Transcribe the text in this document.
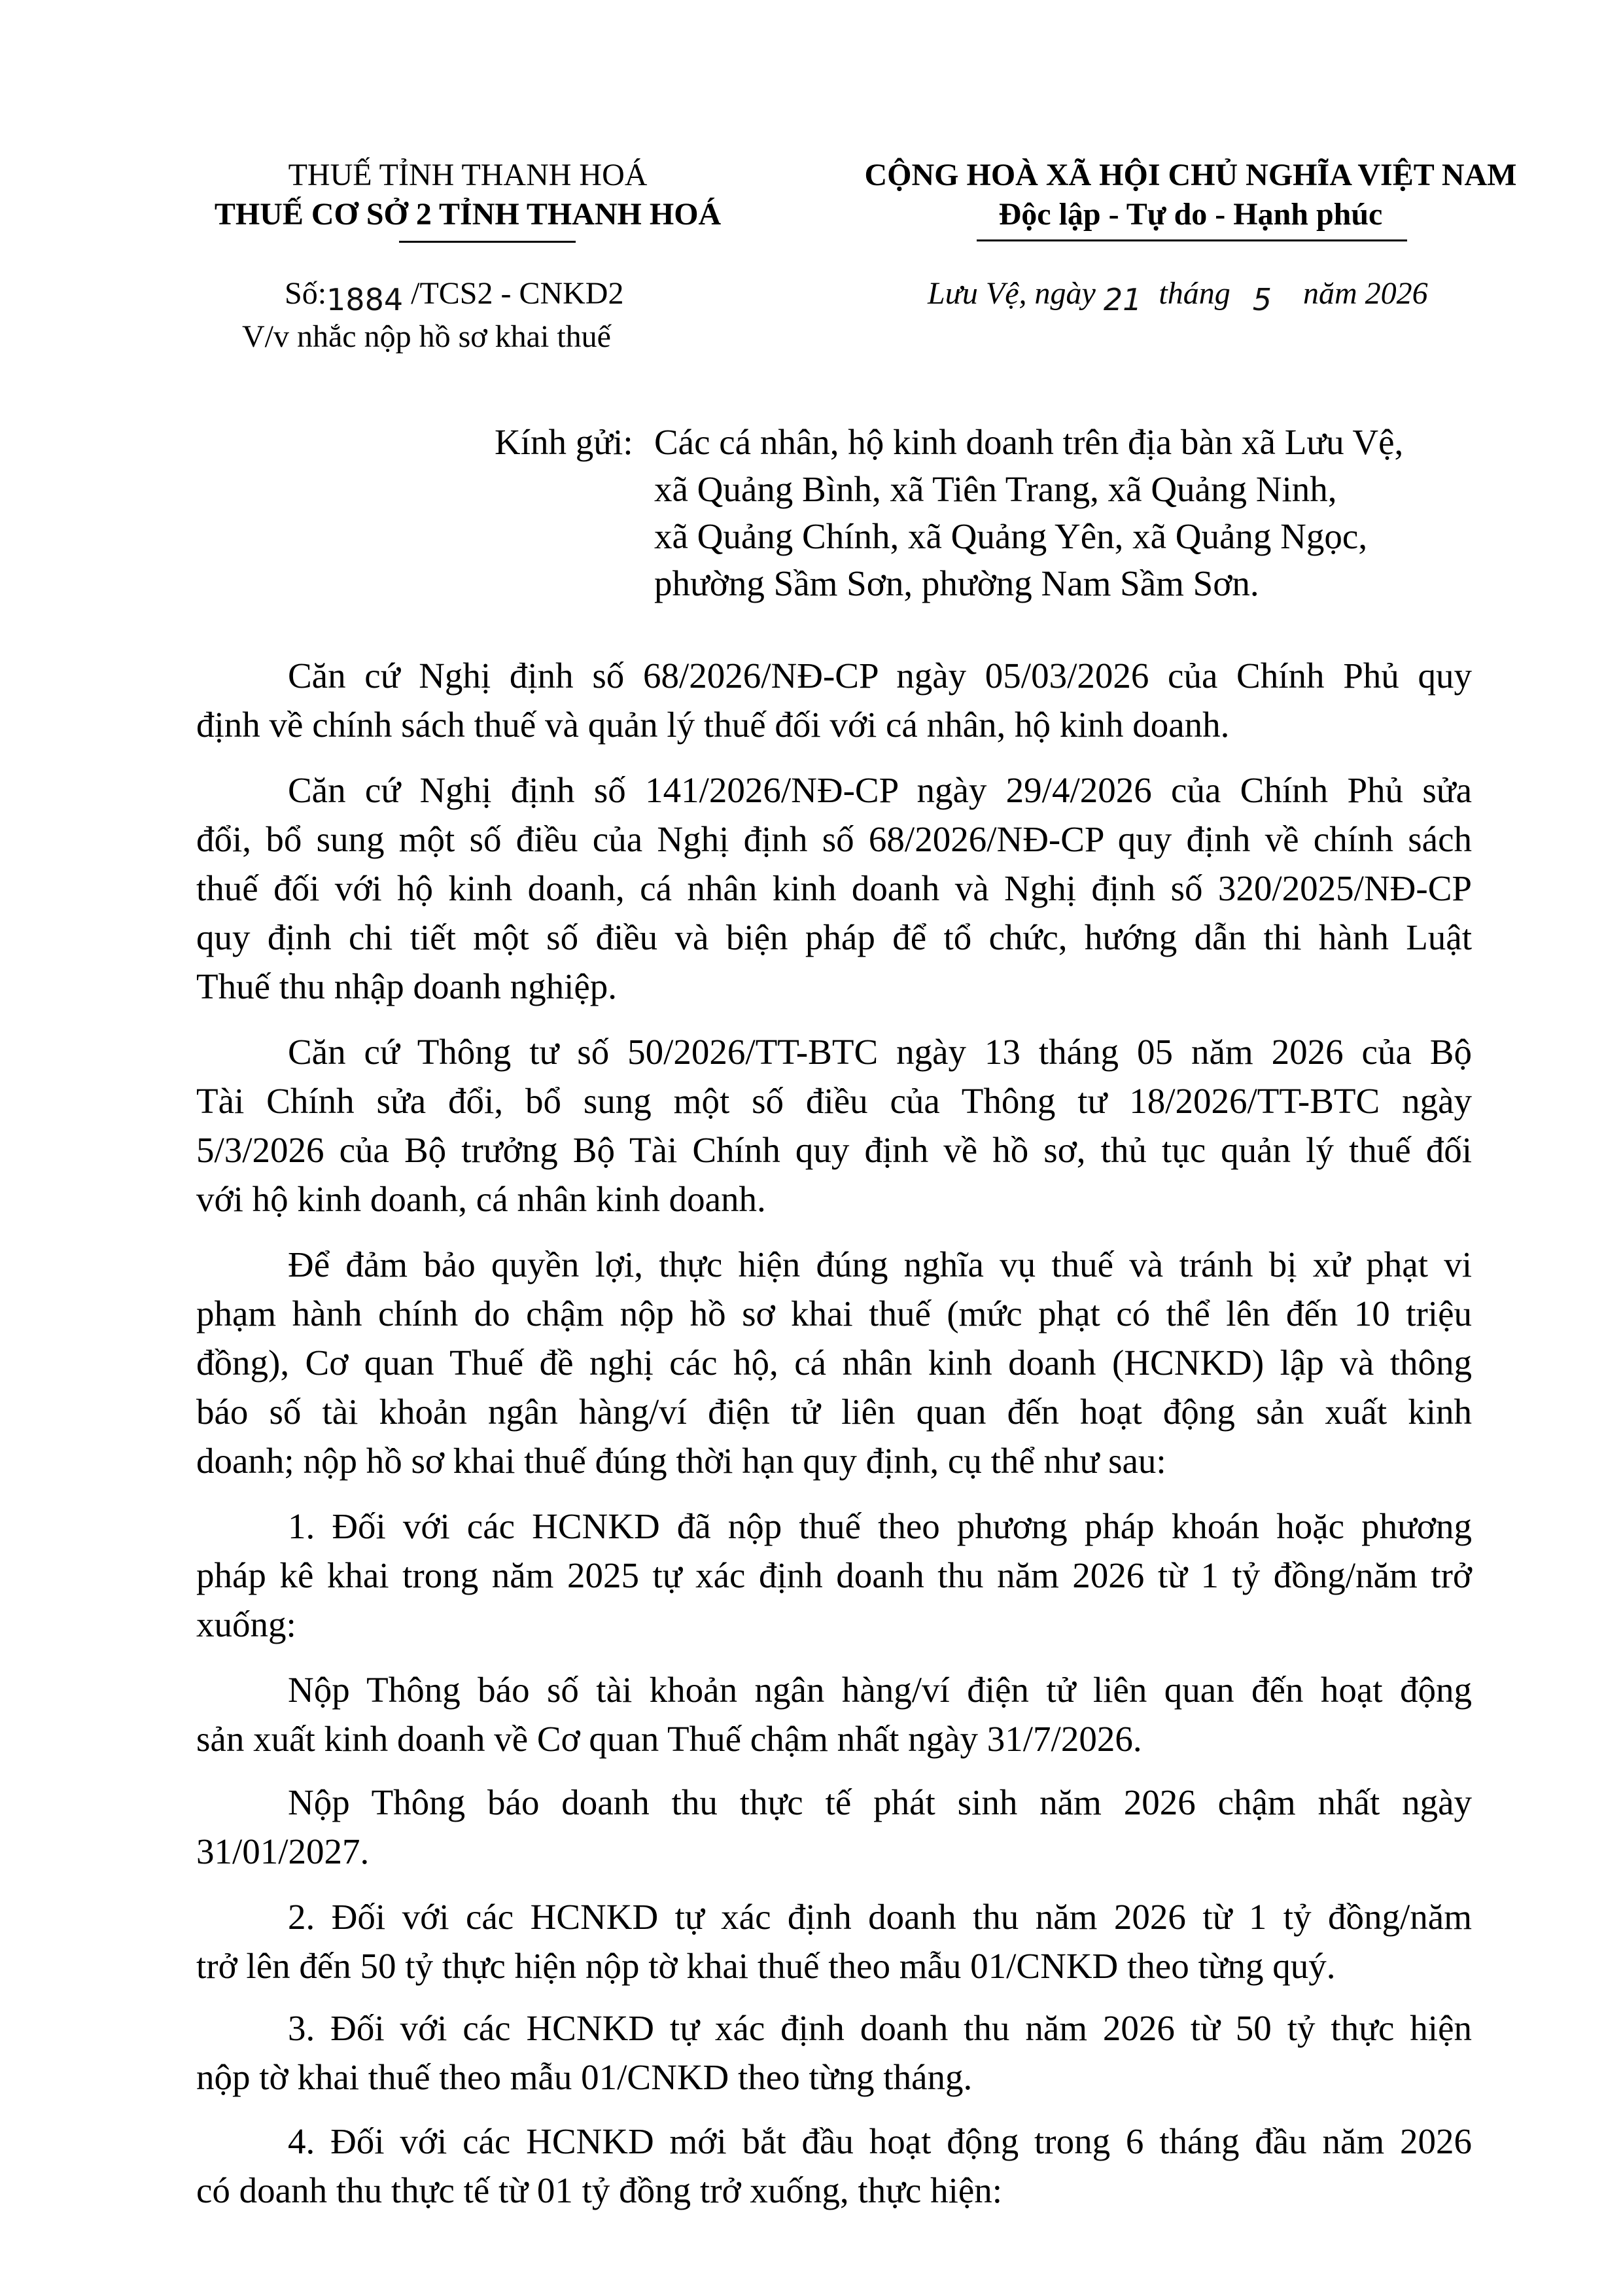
THUẾ TỈNH THANH HOÁ
THUẾ CƠ SỞ 2 TỈNH THANH HOÁ
CỘNG HOÀ XÃ HỘI CHỦ NGHĨA VIỆT NAM
Độc lập - Tự do - Hạnh phúc
Số:1884 /TCS2 - CNKD2
V/v nhắc nộp hồ sơ khai thuế
Lưu Vệ, ngày 21 tháng 5 năm 2026
Kính gửi: Các cá nhân, hộ kinh doanh trên địa bàn xã Lưu Vệ,
xã Quảng Bình, xã Tiên Trang, xã Quảng Ninh,
xã Quảng Chính, xã Quảng Yên, xã Quảng Ngọc,
phường Sầm Sơn, phường Nam Sầm Sơn.
Căn cứ Nghị định số 68/2026/NĐ-CP ngày 05/03/2026 của Chính Phủ quy
định về chính sách thuế và quản lý thuế đối với cá nhân, hộ kinh doanh.
Căn cứ Nghị định số 141/2026/NĐ-CP ngày 29/4/2026 của Chính Phủ sửa
đổi, bổ sung một số điều của Nghị định số 68/2026/NĐ-CP quy định về chính sách
thuế đối với hộ kinh doanh, cá nhân kinh doanh và Nghị định số 320/2025/NĐ-CP
quy định chi tiết một số điều và biện pháp để tổ chức, hướng dẫn thi hành Luật
Thuế thu nhập doanh nghiệp.
Căn cứ Thông tư số 50/2026/TT-BTC ngày 13 tháng 05 năm 2026 của Bộ
Tài Chính sửa đổi, bổ sung một số điều của Thông tư 18/2026/TT-BTC ngày
5/3/2026 của Bộ trưởng Bộ Tài Chính quy định về hồ sơ, thủ tục quản lý thuế đối
với hộ kinh doanh, cá nhân kinh doanh.
Để đảm bảo quyền lợi, thực hiện đúng nghĩa vụ thuế và tránh bị xử phạt vi
phạm hành chính do chậm nộp hồ sơ khai thuế (mức phạt có thể lên đến 10 triệu
đồng), Cơ quan Thuế đề nghị các hộ, cá nhân kinh doanh (HCNKD) lập và thông
báo số tài khoản ngân hàng/ví điện tử liên quan đến hoạt động sản xuất kinh
doanh; nộp hồ sơ khai thuế đúng thời hạn quy định, cụ thể như sau:
1. Đối với các HCNKD đã nộp thuế theo phương pháp khoán hoặc phương
pháp kê khai trong năm 2025 tự xác định doanh thu năm 2026 từ 1 tỷ đồng/năm trở
xuống:
Nộp Thông báo số tài khoản ngân hàng/ví điện tử liên quan đến hoạt động
sản xuất kinh doanh về Cơ quan Thuế chậm nhất ngày 31/7/2026.
Nộp Thông báo doanh thu thực tế phát sinh năm 2026 chậm nhất ngày
31/01/2027.
2. Đối với các HCNKD tự xác định doanh thu năm 2026 từ 1 tỷ đồng/năm
trở lên đến 50 tỷ thực hiện nộp tờ khai thuế theo mẫu 01/CNKD theo từng quý.
3. Đối với các HCNKD tự xác định doanh thu năm 2026 từ 50 tỷ thực hiện
nộp tờ khai thuế theo mẫu 01/CNKD theo từng tháng.
4. Đối với các HCNKD mới bắt đầu hoạt động trong 6 tháng đầu năm 2026
có doanh thu thực tế từ 01 tỷ đồng trở xuống, thực hiện:
